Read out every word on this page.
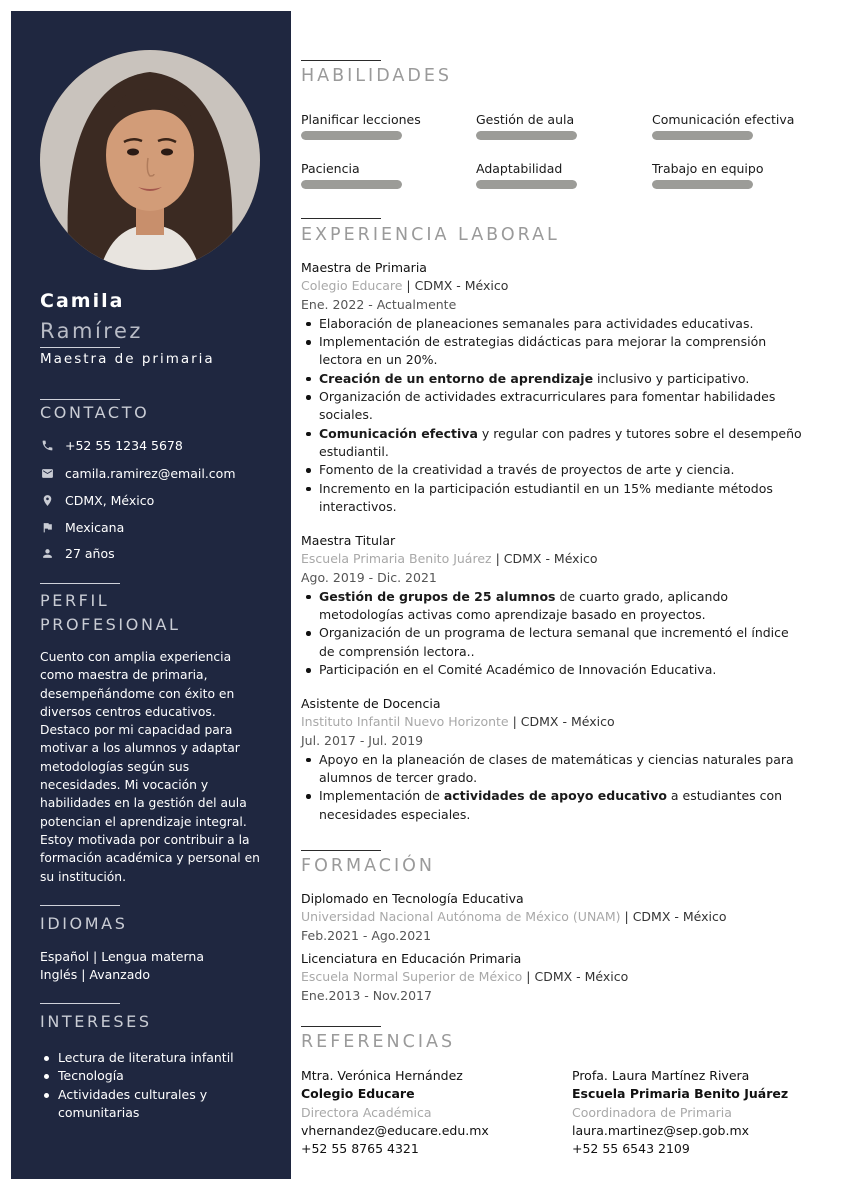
Camila
Ramírez
Maestra de primaria
CONTACTO
+52 55 1234 5678
camila.ramirez@email.com
CDMX, México
Mexicana
27 años
PERFIL
PROFESIONAL
Cuento con amplia experiencia como maestra de primaria, desempeñándome con éxito en diversos centros educativos. Destaco por mi capacidad para motivar a los alumnos y adaptar metodologías según sus necesidades. Mi vocación y habilidades en la gestión del aula potencian el aprendizaje integral. Estoy motivada por contribuir a la formación académica y personal en su institución.
IDIOMAS
Español | Lengua materna
Inglés | Avanzado
INTERESES
Lectura de literatura infantil
Tecnología
Actividades culturales y comunitarias
HABILIDADES
Planificar lecciones	Gestión de aula	Comunicación efectiva
Paciencia	Adaptabilidad	Trabajo en equipo
EXPERIENCIA LABORAL
Maestra de Primaria
Colegio Educare | CDMX - México
Ene. 2022 - Actualmente
Elaboración de planeaciones semanales para actividades educativas.
Implementación de estrategias didácticas para mejorar la comprensión lectora en un 20%.
Creación de un entorno de aprendizaje inclusivo y participativo.
Organización de actividades extracurriculares para fomentar habilidades sociales.
Comunicación efectiva y regular con padres y tutores sobre el desempeño estudiantil.
Fomento de la creatividad a través de proyectos de arte y ciencia.
Incremento en la participación estudiantil en un 15% mediante métodos interactivos.
Maestra Titular
Escuela Primaria Benito Juárez | CDMX - México
Ago. 2019 - Dic. 2021
Gestión de grupos de 25 alumnos de cuarto grado, aplicando metodologías activas como aprendizaje basado en proyectos.
Organización de un programa de lectura semanal que incrementó el índice de comprensión lectora..
Participación en el Comité Académico de Innovación Educativa.
Asistente de Docencia
Instituto Infantil Nuevo Horizonte | CDMX - México
Jul. 2017 - Jul. 2019
Apoyo en la planeación de clases de matemáticas y ciencias naturales para alumnos de tercer grado.
Implementación de actividades de apoyo educativo a estudiantes con necesidades especiales.
FORMACIÓN
Diplomado en Tecnología Educativa
Universidad Nacional Autónoma de México (UNAM) | CDMX - México
Feb.2021 - Ago.2021
Licenciatura en Educación Primaria
Escuela Normal Superior de México | CDMX - México
Ene.2013 - Nov.2017
REFERENCIAS
Mtra. Verónica Hernández
Colegio Educare
Directora Académica
vhernandez@educare.edu.mx
+52 55 8765 4321
Profa. Laura Martínez Rivera
Escuela Primaria Benito Juárez
Coordinadora de Primaria
laura.martinez@sep.gob.mx
+52 55 6543 2109
